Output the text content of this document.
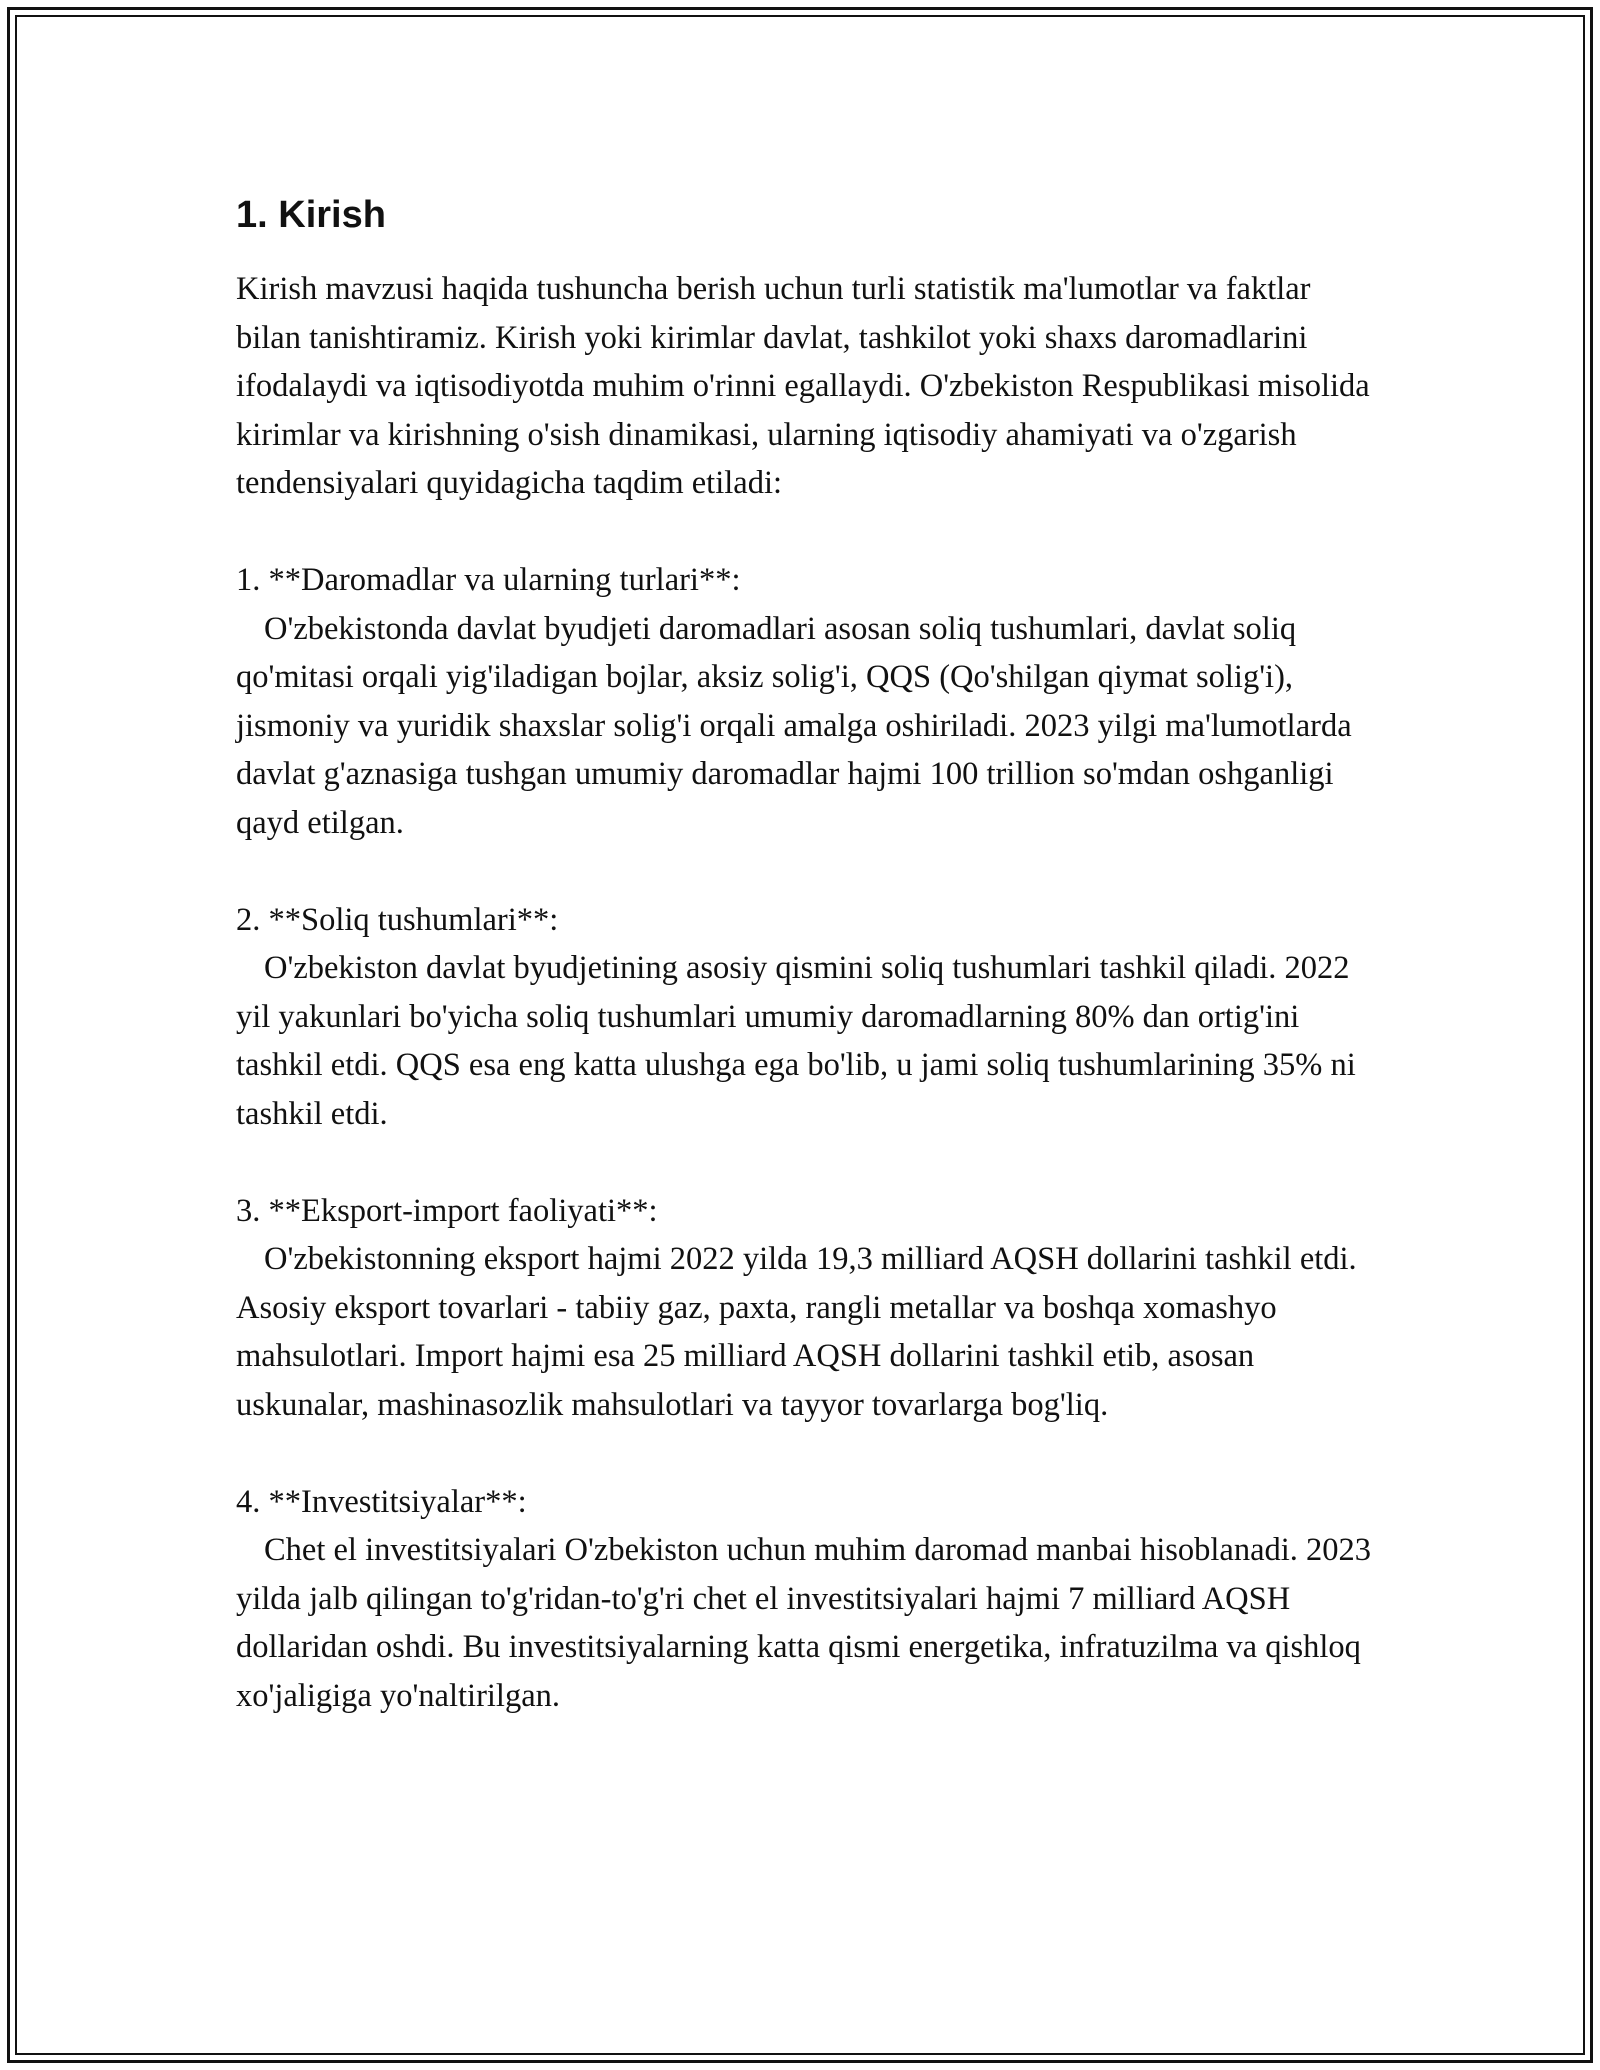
1. Kirish

Kirish mavzusi haqida tushuncha berish uchun turli statistik ma'lumotlar va faktlar bilan tanishtiramiz. Kirish yoki kirimlar davlat, tashkilot yoki shaxs daromadlarini ifodalaydi va iqtisodiyotda muhim o'rinni egallaydi. O'zbekiston Respublikasi misolida kirimlar va kirishning o'sish dinamikasi, ularning iqtisodiy ahamiyati va o'zgarish tendensiyalari quyidagicha taqdim etiladi:

1. **Daromadlar va ularning turlari**:

O'zbekistonda davlat byudjeti daromadlari asosan soliq tushumlari, davlat soliq qo'mitasi orqali yig'iladigan bojlar, aksiz solig'i, QQS (Qo'shilgan qiymat solig'i), jismoniy va yuridik shaxslar solig'i orqali amalga oshiriladi. 2023 yilgi ma'lumotlarda davlat g'aznasiga tushgan umumiy daromadlar hajmi 100 trillion so'mdan oshganligi qayd etilgan.

2. **Soliq tushumlari**:

O'zbekiston davlat byudjetining asosiy qismini soliq tushumlari tashkil qiladi. 2022 yil yakunlari bo'yicha soliq tushumlari umumiy daromadlarning 80% dan ortig'ini tashkil etdi. QQS esa eng katta ulushga ega bo'lib, u jami soliq tushumlarining 35% ni tashkil etdi.

3. **Eksport-import faoliyati**:

O'zbekistonning eksport hajmi 2022 yilda 19,3 milliard AQSH dollarini tashkil etdi. Asosiy eksport tovarlari - tabiiy gaz, paxta, rangli metallar va boshqa xomashyo mahsulotlari. Import hajmi esa 25 milliard AQSH dollarini tashkil etib, asosan uskunalar, mashinasozlik mahsulotlari va tayyor tovarlarga bog'liq.

4. **Investitsiyalar**:

Chet el investitsiyalari O'zbekiston uchun muhim daromad manbai hisoblanadi. 2023 yilda jalb qilingan to'g'ridan-to'g'ri chet el investitsiyalari hajmi 7 milliard AQSH dollaridan oshdi. Bu investitsiyalarning katta qismi energetika, infratuzilma va qishloq xo'jaligiga yo'naltirilgan.
